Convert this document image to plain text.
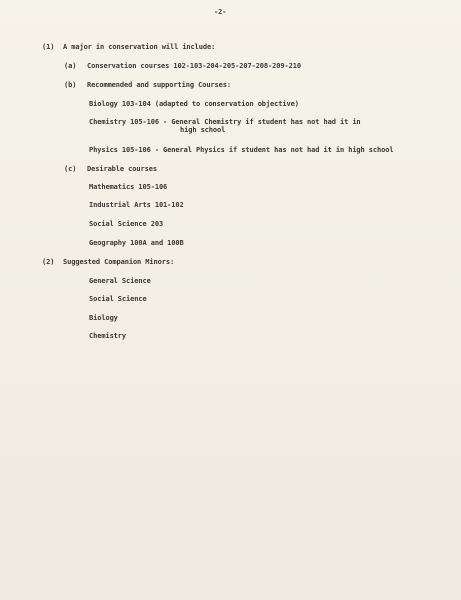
-2-
(1) A major in conservation will include:
(a) Conservation courses 102-103-204-205-207-208-209-210
(b) Recommended and supporting Courses:
Biology 103-104 (adapted to conservation objective)
Chemistry 105-106 - General Chemistry if student has not had it in
high school
Physics 105-106 - General Physics if student has not had it in high school
(c) Desirable courses
Mathematics 105-106
Industrial Arts 101-102
Social Science 203
Geography 100A and 100B
(2) Suggested Companion Minors:
General Science
Social Science
Biology
Chemistry
